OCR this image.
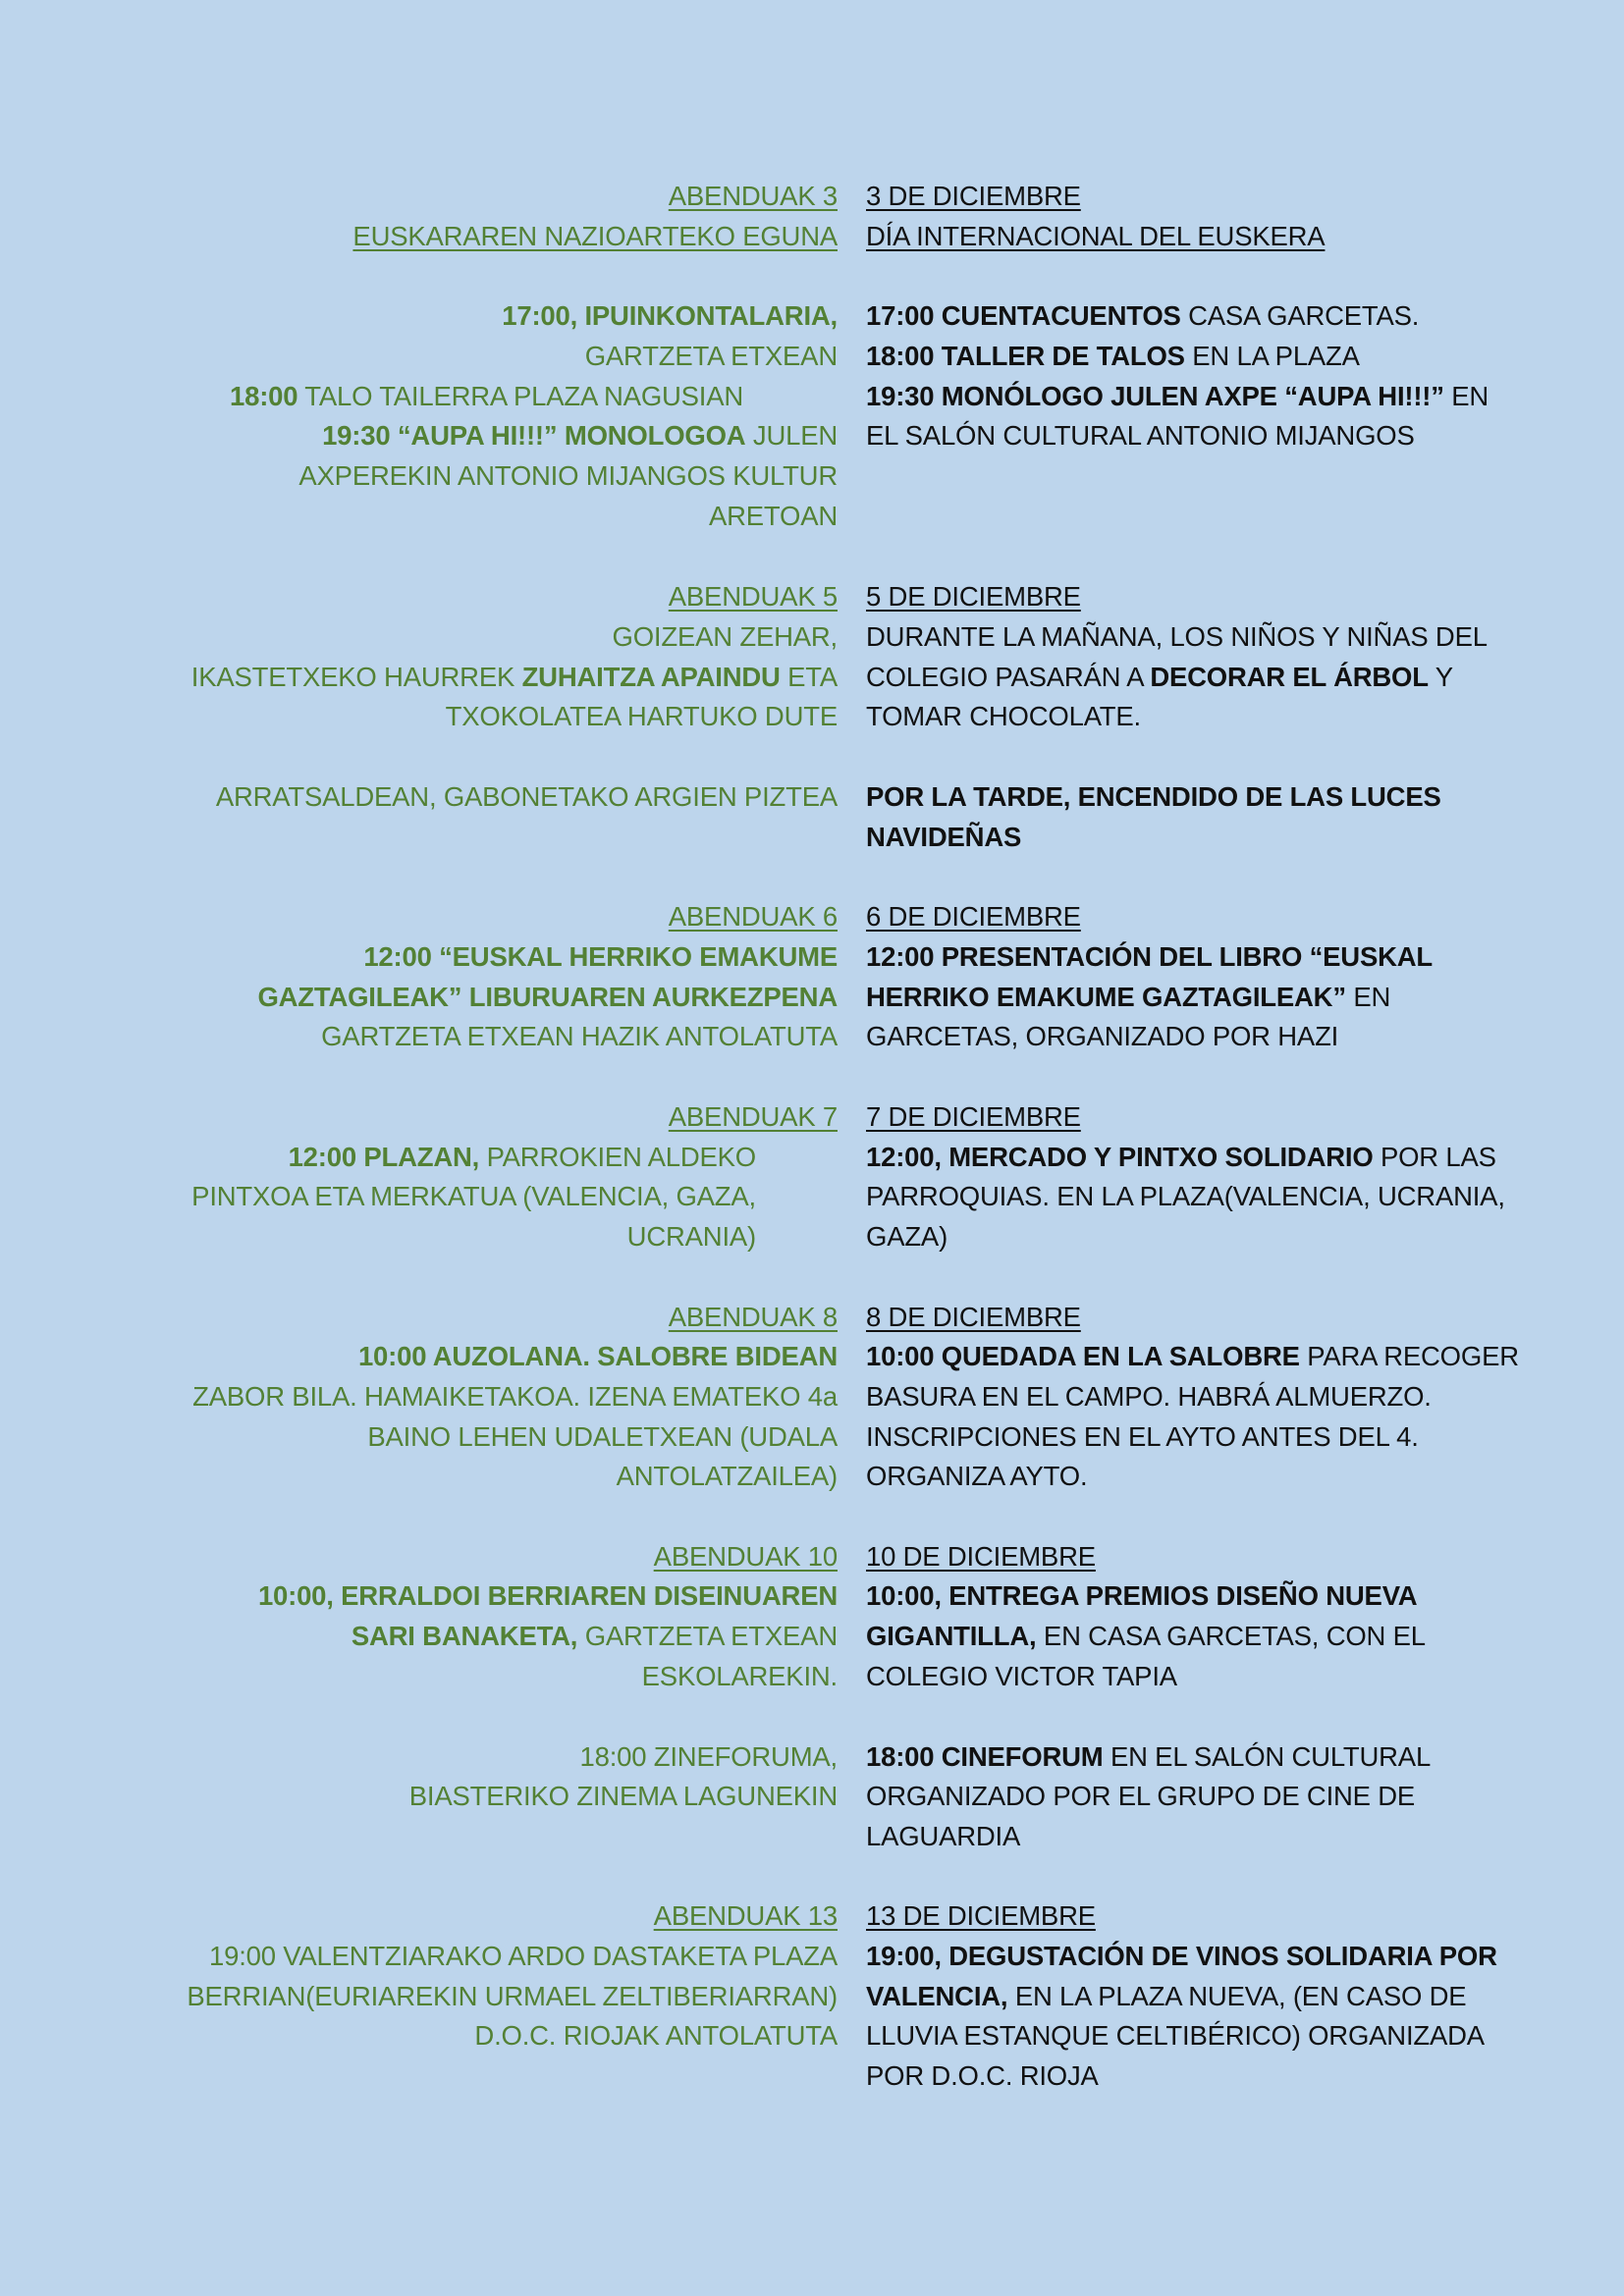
ABENDUAK 3 3 DE DICIEMBRE
EUSKARAREN NAZIOARTEKO EGUNA DÍA INTERNACIONAL DEL EUSKERA
17:00, IPUINKONTALARIA,
GARTZETA ETXEAN
18:00 TALO TAILERRA PLAZA NAGUSIAN
19:30 “AUPA HI!!!” MONOLOGOA JULEN
AXPEREKIN ANTONIO MIJANGOS KULTUR
ARETOAN
17:00 CUENTACUENTOS CASA GARCETAS.
18:00 TALLER DE TALOS EN LA PLAZA
19:30 MONÓLOGO JULEN AXPE “AUPA HI!!!” EN
EL SALÓN CULTURAL ANTONIO MIJANGOS
ABENDUAK 5 5 DE DICIEMBRE
GOIZEAN ZEHAR,
IKASTETXEKO HAURREK ZUHAITZA APAINDU ETA
TXOKOLATEA HARTUKO DUTE
ARRATSALDEAN, GABONETAKO ARGIEN PIZTEA
DURANTE LA MAÑANA, LOS NIÑOS Y NIÑAS DEL
COLEGIO PASARÁN A DECORAR EL ÁRBOL Y
TOMAR CHOCOLATE.
POR LA TARDE, ENCENDIDO DE LAS LUCES
NAVIDEÑAS
ABENDUAK 6 6 DE DICIEMBRE
12:00 “EUSKAL HERRIKO EMAKUME
GAZTAGILEAK” LIBURUAREN AURKEZPENA
GARTZETA ETXEAN HAZIK ANTOLATUTA
12:00 PRESENTACIÓN DEL LIBRO “EUSKAL
HERRIKO EMAKUME GAZTAGILEAK” EN
GARCETAS, ORGANIZADO POR HAZI
ABENDUAK 7 7 DE DICIEMBRE
12:00 PLAZAN, PARROKIEN ALDEKO
PINTXOA ETA MERKATUA (VALENCIA, GAZA,
UCRANIA)
12:00, MERCADO Y PINTXO SOLIDARIO POR LAS
PARROQUIAS. EN LA PLAZA(VALENCIA, UCRANIA,
GAZA)
ABENDUAK 8 8 DE DICIEMBRE
10:00 AUZOLANA. SALOBRE BIDEAN
ZABOR BILA. HAMAIKETAKOA. IZENA EMATEKO 4a
BAINO LEHEN UDALETXEAN (UDALA
ANTOLATZAILEA)
10:00 QUEDADA EN LA SALOBRE PARA RECOGER
BASURA EN EL CAMPO. HABRÁ ALMUERZO.
INSCRIPCIONES EN EL AYTO ANTES DEL 4.
ORGANIZA AYTO.
ABENDUAK 10 10 DE DICIEMBRE
10:00, ERRALDOI BERRIAREN DISEINUAREN
SARI BANAKETA, GARTZETA ETXEAN
ESKOLAREKIN.
18:00 ZINEFORUMA,
BIASTERIKO ZINEMA LAGUNEKIN
10:00, ENTREGA PREMIOS DISEÑO NUEVA
GIGANTILLA, EN CASA GARCETAS, CON EL
COLEGIO VICTOR TAPIA
18:00 CINEFORUM EN EL SALÓN CULTURAL
ORGANIZADO POR EL GRUPO DE CINE DE
LAGUARDIA
ABENDUAK 13 13 DE DICIEMBRE
19:00 VALENTZIARAKO ARDO DASTAKETA PLAZA
BERRIAN(EURIAREKIN URMAEL ZELTIBERIARRAN)
D.O.C. RIOJAK ANTOLATUTA
19:00, DEGUSTACIÓN DE VINOS SOLIDARIA POR
VALENCIA, EN LA PLAZA NUEVA, (EN CASO DE
LLUVIA ESTANQUE CELTIBÉRICO) ORGANIZADA
POR D.O.C. RIOJA
